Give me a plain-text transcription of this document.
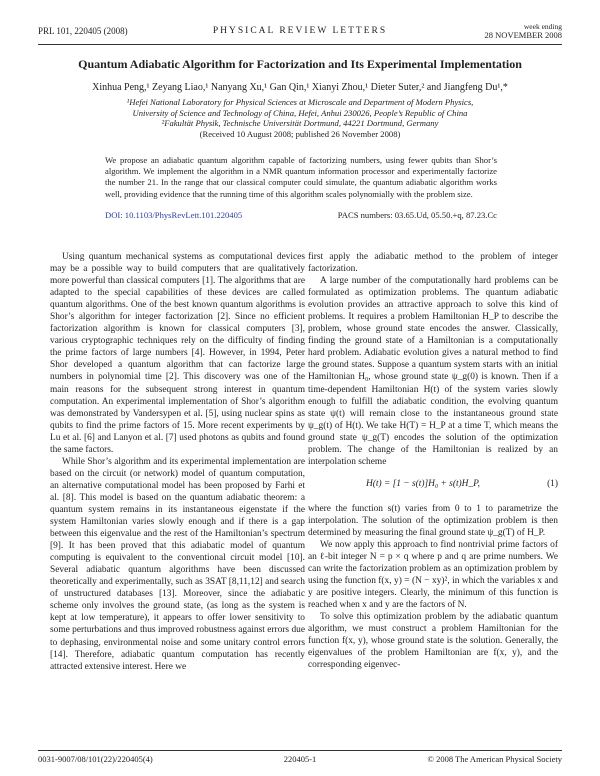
PRL 101, 220405 (2008)	PHYSICAL REVIEW LETTERS	week ending
28 NOVEMBER 2008
Quantum Adiabatic Algorithm for Factorization and Its Experimental Implementation
Xinhua Peng,¹ Zeyang Liao,¹ Nanyang Xu,¹ Gan Qin,¹ Xianyi Zhou,¹ Dieter Suter,² and Jiangfeng Du¹,*
¹Hefei National Laboratory for Physical Sciences at Microscale and Department of Modern Physics,
University of Science and Technology of China, Hefei, Anhui 230026, People’s Republic of China
²Fakultät Physik, Technische Universität Dortmund, 44221 Dortmund, Germany
(Received 10 August 2008; published 26 November 2008)
We propose an adiabatic quantum algorithm capable of factorizing numbers, using fewer qubits than Shor’s algorithm. We implement the algorithm in a NMR quantum information processor and experimentally factorize the number 21. In the range that our classical computer could simulate, the quantum adiabatic algorithm works well, providing evidence that the running time of this algorithm scales polynomially with the problem size.
DOI: 10.1103/PhysRevLett.101.220405	PACS numbers: 03.65.Ud, 05.50.+q, 87.23.Cc

Using quantum mechanical systems as computational devices may be a possible way to build computers that are qualitatively more powerful than classical computers [1]. The algorithms that are adapted to the special capabilities of these devices are called quantum algorithms. One of the best known quantum algorithms is Shor’s algorithm for integer factorization [2]. Since no efficient factorization algorithm is known for classical computers [3], various cryptographic techniques rely on the difficulty of finding the prime factors of large numbers [4]. However, in 1994, Peter Shor developed a quantum algorithm that can factorize large numbers in polynomial time [2]. This discovery was one of the main reasons for the subsequent strong interest in quantum computation. An experimental implementation of Shor’s algorithm was demonstrated by Vandersypen et al. [5], using nuclear spins as qubits to find the prime factors of 15. More recent experiments by Lu et al. [6] and Lanyon et al. [7] used photons as qubits and found the same factors.

While Shor’s algorithm and its experimental implementation are based on the circuit (or network) model of quantum computation, an alternative computational model has been proposed by Farhi et al. [8]. This model is based on the quantum adiabatic theorem: a quantum system remains in its instantaneous eigenstate if the system Hamiltonian varies slowly enough and if there is a gap between this eigenvalue and the rest of the Hamiltonian’s spectrum [9]. It has been proved that this adiabatic model of quantum computing is equivalent to the conventional circuit model [10]. Several adiabatic quantum algorithms have been discussed theoretically and experimentally, such as 3SAT [8,11,12] and search of unstructured databases [13]. Moreover, since the adiabatic scheme only involves the ground state, (as long as the system is kept at low temperature), it appears to offer lower sensitivity to some perturbations and thus improved robustness against errors due to dephasing, environmental noise and some unitary control errors [14]. Therefore, adiabatic quantum computation has recently attracted extensive interest. Here we

first apply the adiabatic method to the problem of integer factorization.

A large number of the computationally hard problems can be formulated as optimization problems. The quantum adiabatic evolution provides an attractive approach to solve this kind of problems. It requires a problem Hamiltonian H_P to describe the problem, whose ground state encodes the answer. Classically, finding the ground state of a Hamiltonian is a computationally hard problem. Adiabatic evolution gives a natural method to find the ground states. Suppose a quantum system starts with an initial Hamiltonian H₀, whose ground state ψ_g(0) is known. Then if a time-dependent Hamiltonian H(t) of the system varies slowly enough to fulfill the adiabatic condition, the evolving quantum state ψ(t) will remain close to the instantaneous ground state ψ_g(t) of H(t). We take H(T) = H_P at a time T, which means the ground state ψ_g(T) encodes the solution of the optimization problem. The change of the Hamiltonian is realized by an interpolation scheme

H(t) = [1 − s(t)]H₀ + s(t)H_P,	(1)

where the function s(t) varies from 0 to 1 to parametrize the interpolation. The solution of the optimization problem is then determined by measuring the final ground state ψ_g(T) of H_P.

We now apply this approach to find nontrivial prime factors of an ℓ-bit integer N = p × q where p and q are prime numbers. We can write the factorization problem as an optimization problem by using the function f(x, y) = (N − xy)², in which the variables x and y are positive integers. Clearly, the minimum of this function is reached when x and y are the factors of N.

To solve this optimization problem by the adiabatic quantum algorithm, we must construct a problem Hamiltonian for the function f(x, y), whose ground state is the solution. Generally, the eigenvalues of the problem Hamiltonian are f(x, y), and the corresponding eigenvec-

0031-9007/08/101(22)/220405(4)	220405-1	© 2008 The American Physical Society
